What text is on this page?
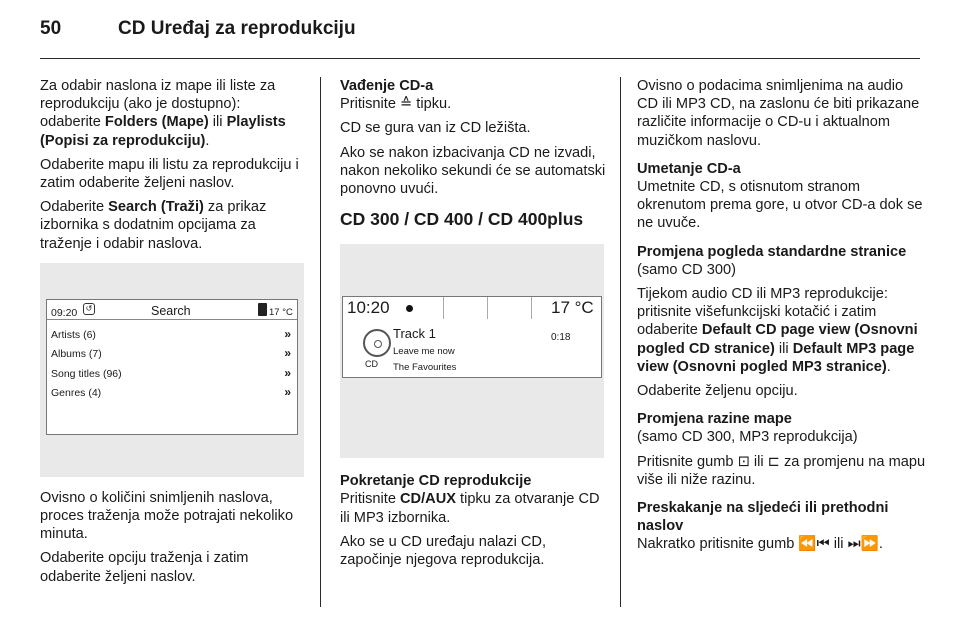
50	CD Uređaj za reprodukciju

Za odabir naslona iz mape ili liste za reprodukciju (ako je dostupno): odaberite Folders (Mape) ili Playlists (Popisi za reprodukciju).

Odaberite mapu ili listu za reprodukciju i zatim odaberite željeni naslov.

Odaberite Search (Traži) za prikaz izbornika s dodatnim opcijama za traženje i odabir naslova.

09:20	↺	Search	17 °C
Artists (6)	»
Albums (7)	»
Song titles (96)	»
Genres (4)	»

Ovisno o količini snimljenih naslova, proces traženja može potrajati nekoliko minuta.

Odaberite opciju traženja i zatim odaberite željeni naslov.

Vađenje CD-a

Pritisnite ≙ tipku.

CD se gura van iz CD ležišta.

Ako se nakon izbacivanja CD ne izvadi, nakon nekoliko sekundi će se automatski ponovno uvući.

CD 300 / CD 400 / CD 400plus
10:20	17 °C
CD
Track 1	0:18
Leave me now
The Favourites
Pokretanje CD reprodukcije

Pritisnite CD/AUX tipku za otvaranje CD ili MP3 izbornika.

Ako se u CD uređaju nalazi CD, započinje njegova reprodukcija.

Ovisno o podacima snimljenima na audio CD ili MP3 CD, na zaslonu će biti prikazane različite informacije o CD-u i aktualnom muzičkom naslovu.

Umetanje CD-a

Umetnite CD, s otisnutom stranom okrenutom prema gore, u otvor CD-a dok se ne uvuče.

Promjena pogleda standardne stranice

(samo CD 300)

Tijekom audio CD ili MP3 reprodukcije: pritisnite višefunkcijski kotačić i zatim odaberite Default CD page view (Osnovni pogled CD stranice) ili Default MP3 page view (Osnovni pogled MP3 stranice).

Odaberite željenu opciju.

Promjena razine mape

(samo CD 300, MP3 reprodukcija)

Pritisnite gumb ⊡ ili ⊏ za promjenu na mapu više ili niže razinu.

Preskakanje na sljedeći ili prethodni naslov

Nakratko pritisnite gumb ⏪⏮ ili ⏭⏩.
